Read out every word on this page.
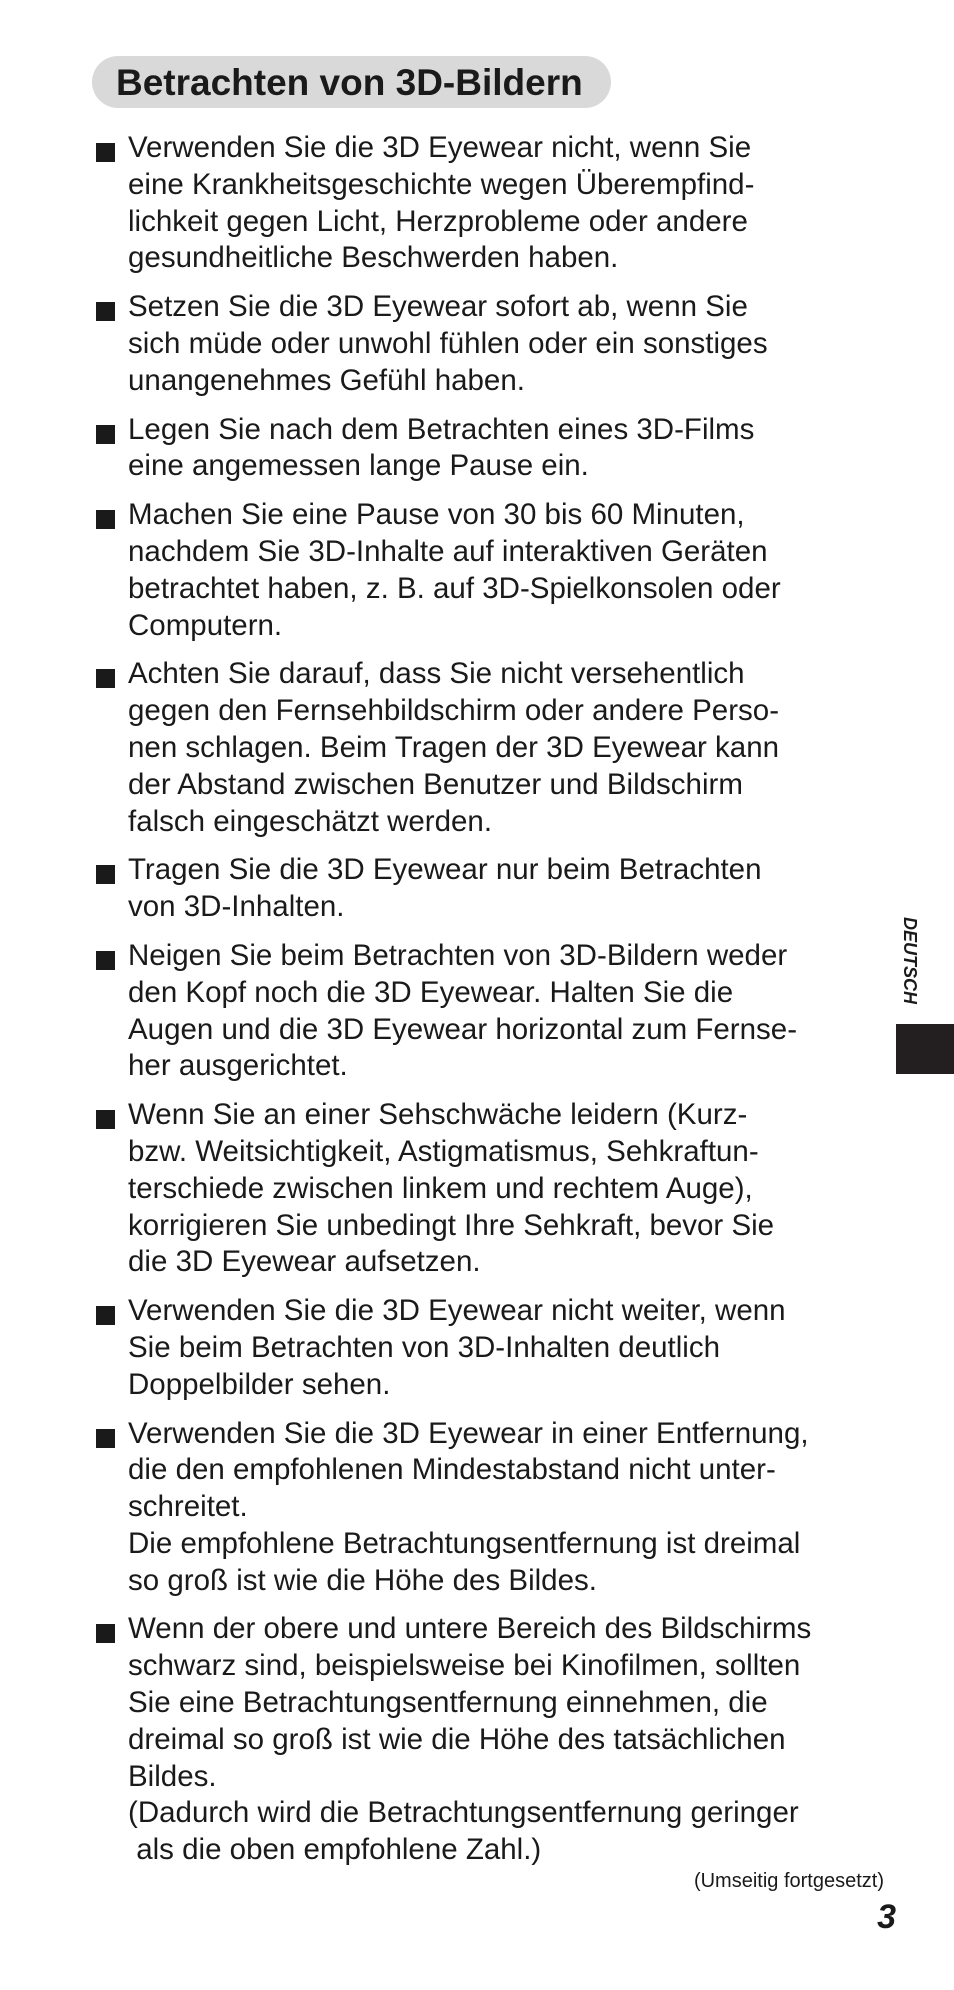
Betrachten von 3D-Bildern
Verwenden Sie die 3D Eyewear nicht, wenn Sie
eine Krankheitsgeschichte wegen Überempfind-
lichkeit gegen Licht, Herzprobleme oder andere
gesundheitliche Beschwerden haben.
Setzen Sie die 3D Eyewear sofort ab, wenn Sie
sich müde oder unwohl fühlen oder ein sonstiges
unangenehmes Gefühl haben.
Legen Sie nach dem Betrachten eines 3D-Films
eine angemessen lange Pause ein.
Machen Sie eine Pause von 30 bis 60 Minuten,
nachdem Sie 3D-Inhalte auf interaktiven Geräten
betrachtet haben, z. B. auf 3D-Spielkonsolen oder
Computern.
Achten Sie darauf, dass Sie nicht versehentlich
gegen den Fernsehbildschirm oder andere Perso-
nen schlagen. Beim Tragen der 3D Eyewear kann
der Abstand zwischen Benutzer und Bildschirm
falsch eingeschätzt werden.
Tragen Sie die 3D Eyewear nur beim Betrachten
von 3D-Inhalten.
Neigen Sie beim Betrachten von 3D-Bildern weder
den Kopf noch die 3D Eyewear. Halten Sie die
Augen und die 3D Eyewear horizontal zum Fernse-
her ausgerichtet.
Wenn Sie an einer Sehschwäche leidern (Kurz-
bzw. Weitsichtigkeit, Astigmatismus, Sehkraftun-
terschiede zwischen linkem und rechtem Auge),
korrigieren Sie unbedingt Ihre Sehkraft, bevor Sie
die 3D Eyewear aufsetzen.
Verwenden Sie die 3D Eyewear nicht weiter, wenn
Sie beim Betrachten von 3D-Inhalten deutlich
Doppelbilder sehen.
Verwenden Sie die 3D Eyewear in einer Entfernung,
die den empfohlenen Mindestabstand nicht unter-
schreitet.
Die empfohlene Betrachtungsentfernung ist dreimal
so groß ist wie die Höhe des Bildes.
Wenn der obere und untere Bereich des Bildschirms
schwarz sind, beispielsweise bei Kinofilmen, sollten
Sie eine Betrachtungsentfernung einnehmen, die
dreimal so groß ist wie die Höhe des tatsächlichen
Bildes.
(Dadurch wird die Betrachtungsentfernung geringer
als die oben empfohlene Zahl.)
DEUTSCH
(Umseitig fortgesetzt)
3
